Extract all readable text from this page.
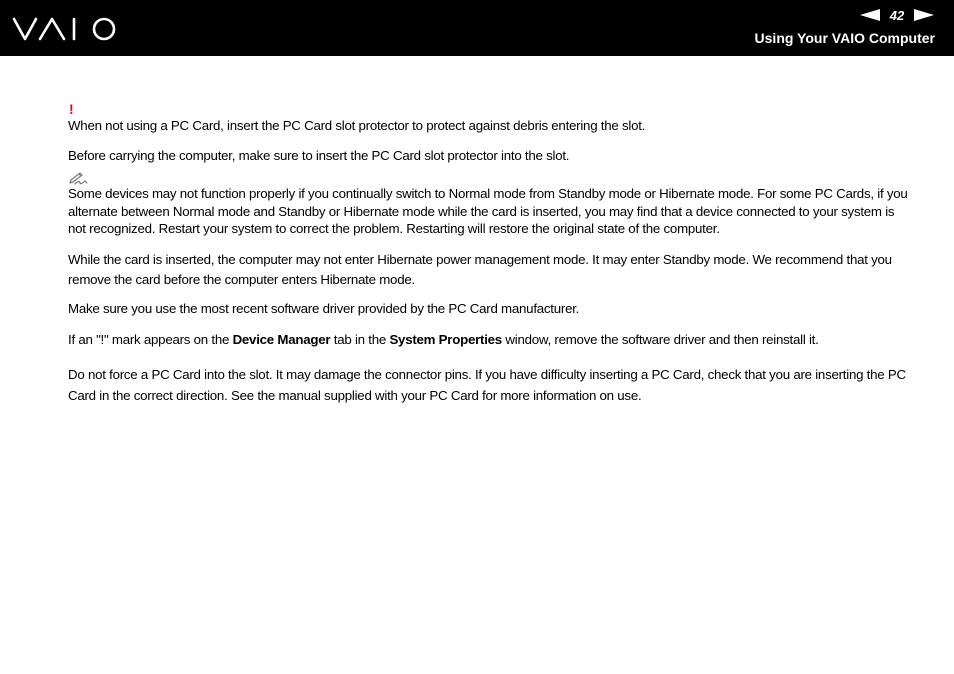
42
Using Your VAIO Computer
!

When not using a PC Card, insert the PC Card slot protector to protect against debris entering the slot.

Before carrying the computer, make sure to insert the PC Card slot protector into the slot.

Some devices may not function properly if you continually switch to Normal mode from Standby mode or Hibernate mode. For some PC Cards, if you alternate between Normal mode and Standby or Hibernate mode while the card is inserted, you may find that a device connected to your system is not recognized. Restart your system to correct the problem. Restarting will restore the original state of the computer.

While the card is inserted, the computer may not enter Hibernate power management mode. It may enter Standby mode. We recommend that you remove the card before the computer enters Hibernate mode.

Make sure you use the most recent software driver provided by the PC Card manufacturer.

If an "!" mark appears on the Device Manager tab in the System Properties window, remove the software driver and then reinstall it.

Do not force a PC Card into the slot. It may damage the connector pins. If you have difficulty inserting a PC Card, check that you are inserting the PC Card in the correct direction. See the manual supplied with your PC Card for more information on use.
